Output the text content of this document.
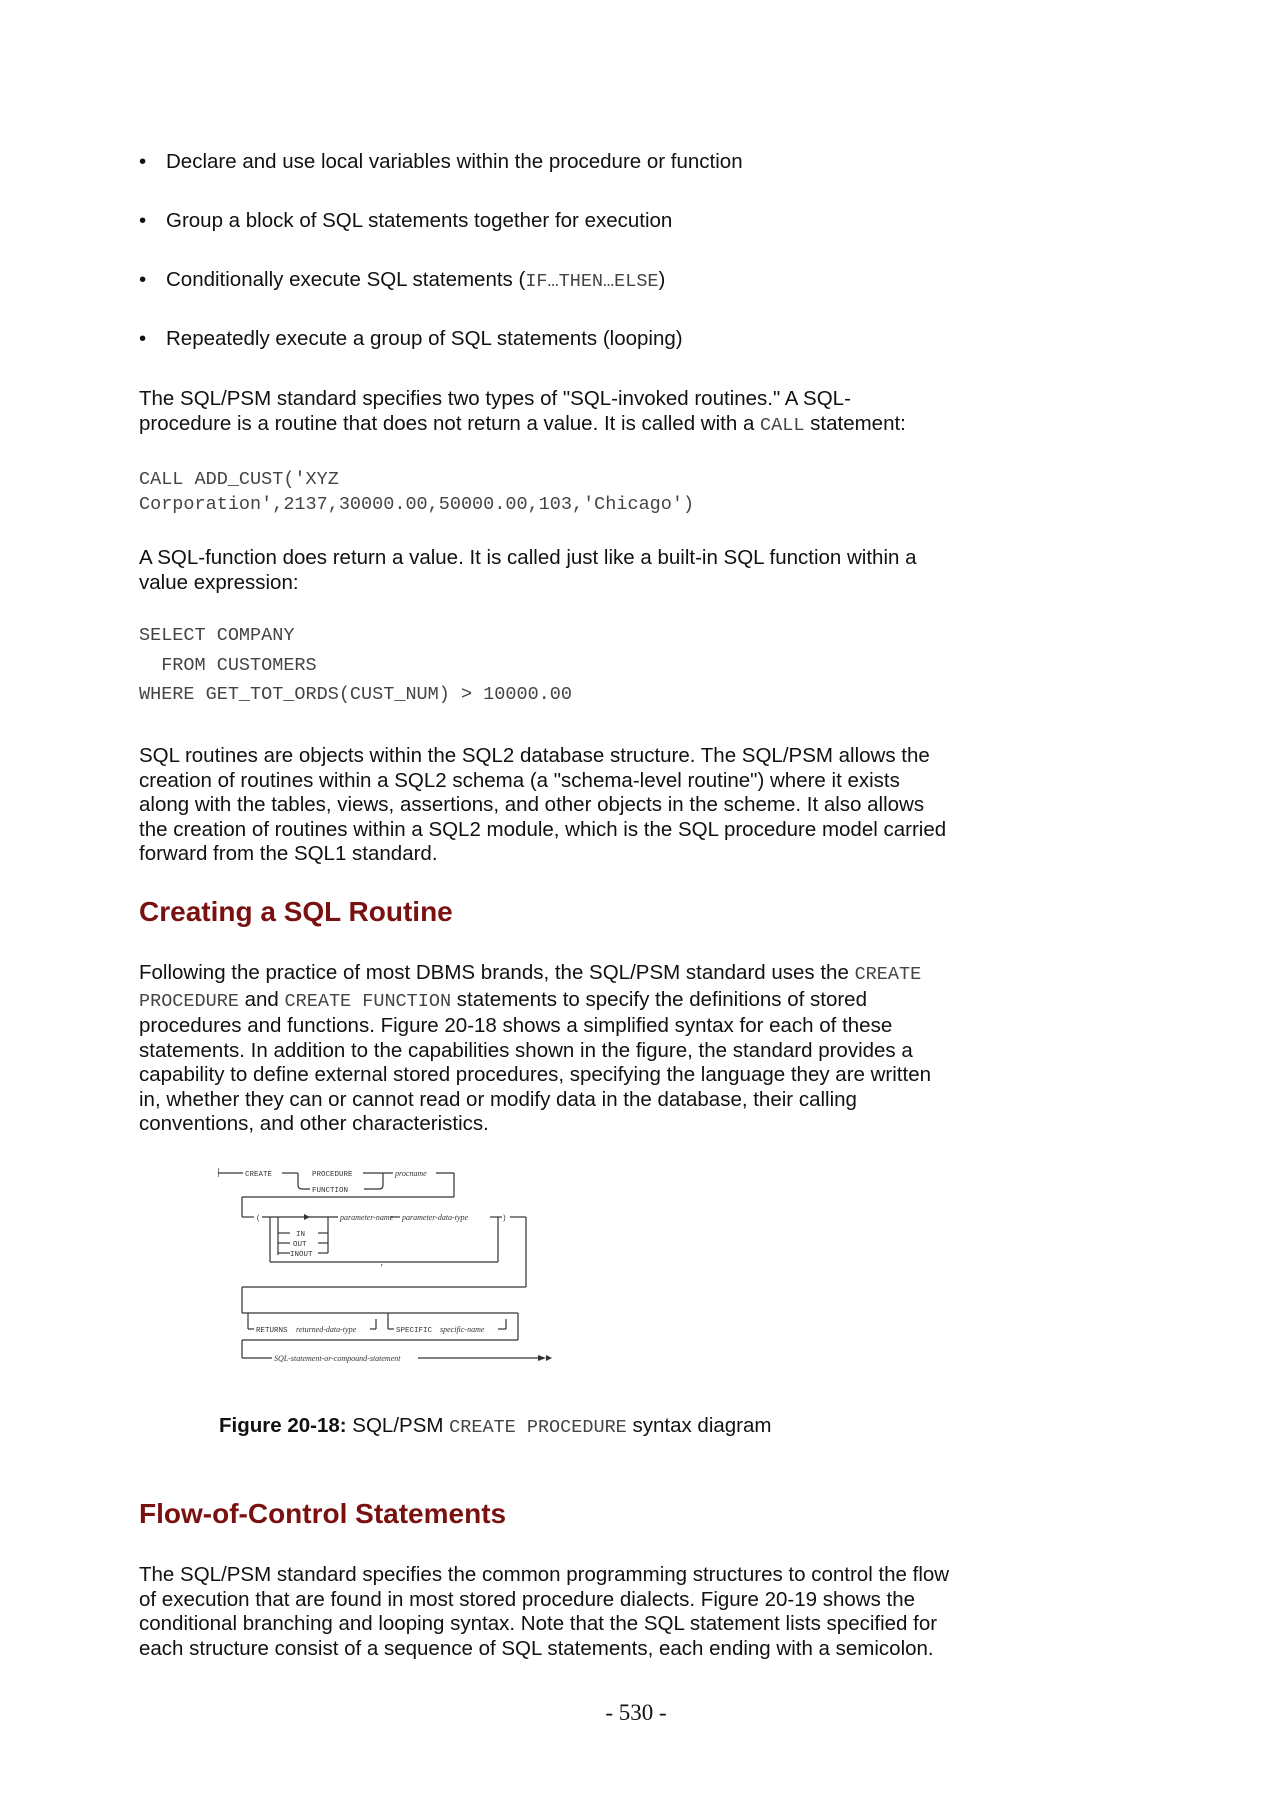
• Declare and use local variables within the procedure or function
• Group a block of SQL statements together for execution
• Conditionally execute SQL statements (IF…THEN…ELSE)
• Repeatedly execute a group of SQL statements (looping)

The SQL/PSM standard specifies two types of "SQL-invoked routines." A SQL-
procedure is a routine that does not return a value. It is called with a CALL statement:

CALL ADD_CUST('XYZ
Corporation',2137,30000.00,50000.00,103,'Chicago')

A SQL-function does return a value. It is called just like a built-in SQL function within a
value expression:

SELECT COMPANY
FROM CUSTOMERS
WHERE GET_TOT_ORDS(CUST_NUM) > 10000.00

SQL routines are objects within the SQL2 database structure. The SQL/PSM allows the
creation of routines within a SQL2 schema (a "schema-level routine") where it exists
along with the tables, views, assertions, and other objects in the scheme. It also allows
the creation of routines within a SQL2 module, which is the SQL procedure model carried
forward from the SQL1 standard.

Creating a SQL Routine

Following the practice of most DBMS brands, the SQL/PSM standard uses the CREATE
PROCEDURE and CREATE FUNCTION statements to specify the definitions of stored
procedures and functions. Figure 20-18 shows a simplified syntax for each of these
statements. In addition to the capabilities shown in the figure, the standard provides a
capability to define external stored procedures, specifying the language they are written
in, whether they can or cannot read or modify data in the database, their calling
conventions, and other characteristics.

CREATE	PROCEDURE
FUNCTION
(	)
IN
OUT
INOUT
,
RETURNS	SPECIFIC
procname
parameter-name parameter-data-type
returned-data-type	specific-name
SQL-statement-or-compound-statement
Figure 20-18: SQL/PSM CREATE PROCEDURE syntax diagram
Flow-of-Control Statements

The SQL/PSM standard specifies the common programming structures to control the flow
of execution that are found in most stored procedure dialects. Figure 20-19 shows the
conditional branching and looping syntax. Note that the SQL statement lists specified for
each structure consist of a sequence of SQL statements, each ending with a semicolon.

- 530 -
